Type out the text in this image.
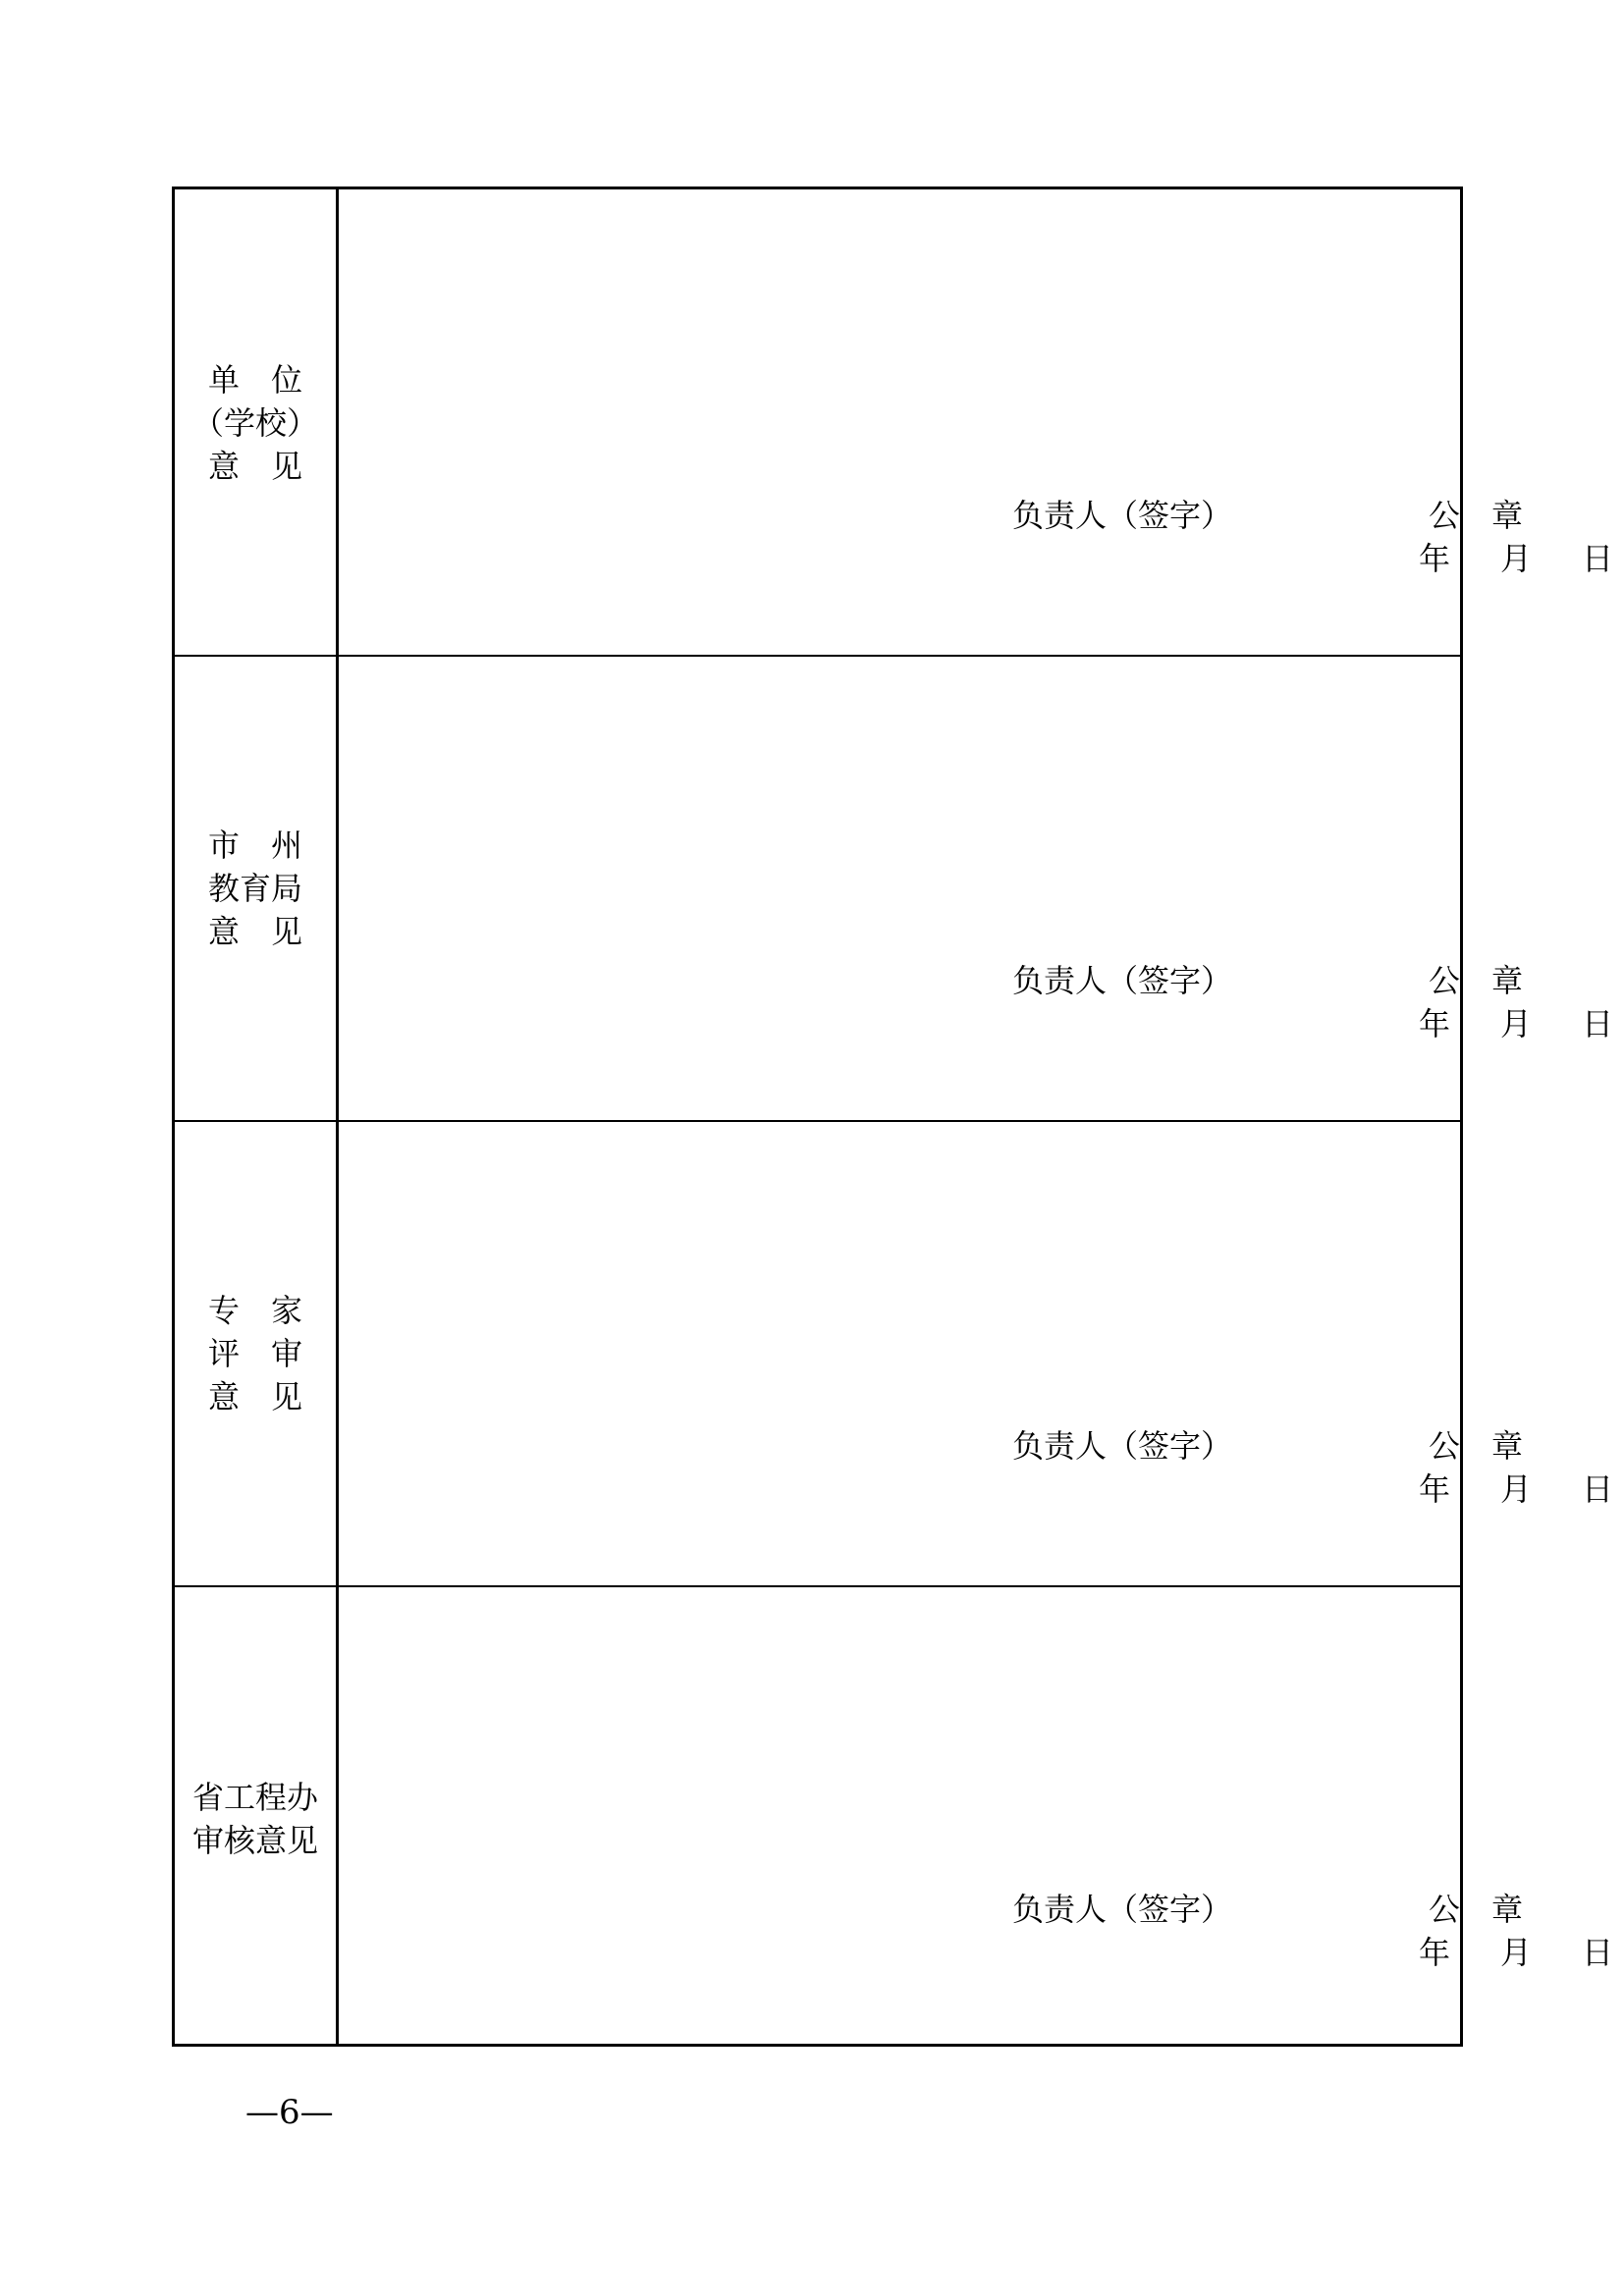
单　位
（学校）
意　见
负责人（签字）	公　章
年 月 日
市　州
教育局
意　见
负责人（签字）	公　章
年 月 日
专　家
评　审
意　见
负责人（签字）	公　章
年 月 日
省工程办
审核意见
负责人（签字）	公　章
年 月 日
—6—
